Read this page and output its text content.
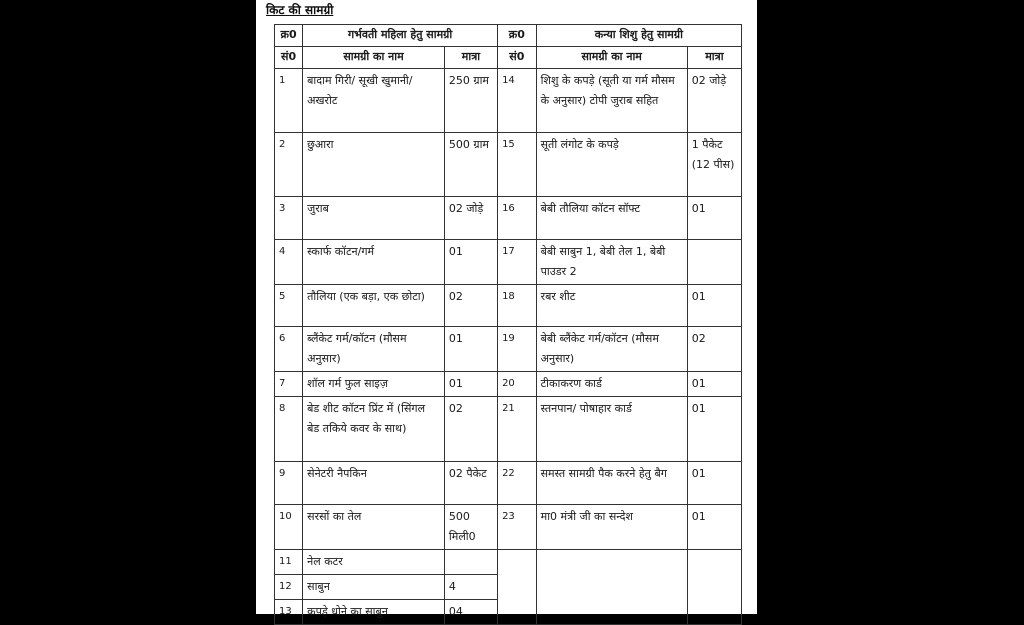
किट की सामग्री
क्र0	गर्भवती महिला हेतु सामग्री		क्र0	कन्या शिशु हेतु सामग्री	
सं0	सामग्री का नाम	मात्रा	सं0	सामग्री का नाम	मात्रा
1	बादाम गिरी/ सूखी खुमानी/अखरोट	250 ग्राम	14	शिशु के कपड़े (सूती या गर्म मौसम के अनुसार) टोपी जुराब सहित	02 जोड़े
2	छुआरा	500 ग्राम	15	सूती लंगोट के कपड़े	1 पैकेट (12 पीस)
3	जुराब	02 जोड़े	16	बेबी तौलिया कॉटन सॉफ्ट	01
4	स्कार्फ कॉटन/गर्म	01	17	बेबी साबुन 1, बेबी तेल 1, बेबी पाउडर 2	
5	तौलिया (एक बड़ा, एक छोटा)	02	18	रबर शीट	01
6	ब्लैंकेट गर्म/कॉटन (मौसम अनुसार)	01	19	बेबी ब्लैंकेट गर्म/कॉटन (मौसम अनुसार)	02
7	शॉल गर्म फुल साइज़	01	20	टीकाकरण कार्ड	01
8	बेड शीट कॉटन प्रिंट में (सिंगल बेड तकिये कवर के साथ)	02	21	स्तनपान/ पोषाहार कार्ड	01
9	सेनेटरी नैपकिन	02 पैकेट	22	समस्त सामग्री पैक करने हेतु बैग	01
10	सरसों का तेल	500 मिली0	23	मा0 मंत्री जी का सन्देश	01
11	नेल कटर				
12	साबुन	4			
13	कपड़े धोने का साबुन	04			
